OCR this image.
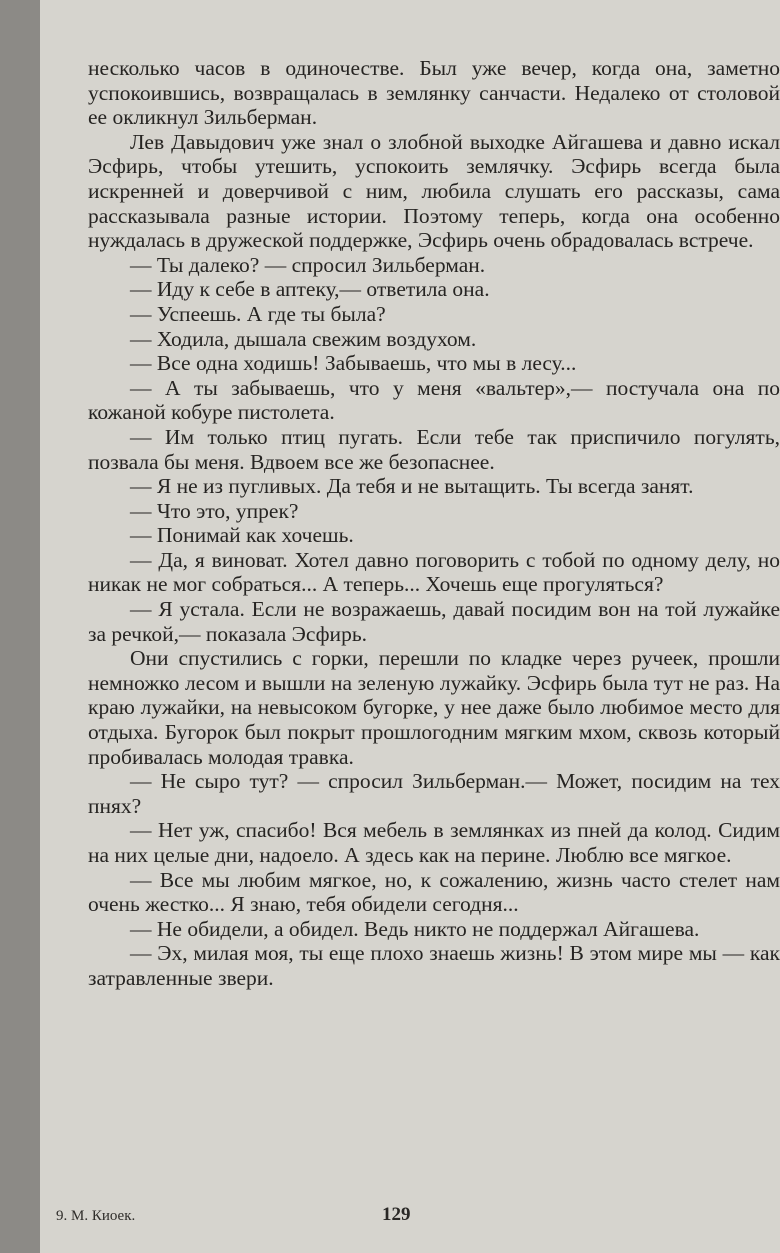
несколько часов в одиночестве. Был уже вечер, когда она, заметно успокоившись, возвращалась в землянку санчасти. Недалеко от столовой ее окликнул Зильберман.

Лев Давыдович уже знал о злобной выходке Айгашева и давно искал Эсфирь, чтобы утешить, успокоить землячку. Эсфирь всегда была искренней и доверчивой с ним, любила слушать его рассказы, сама рассказывала разные истории. Поэтому теперь, когда она особенно нуждалась в дружеской поддержке, Эсфирь очень обрадовалась встрече.

— Ты далеко? — спросил Зильберман.

— Иду к себе в аптеку,— ответила она.

— Успеешь. А где ты была?

— Ходила, дышала свежим воздухом.

— Все одна ходишь! Забываешь, что мы в лесу...

— А ты забываешь, что у меня «вальтер»,— постучала она по кожаной кобуре пистолета.

— Им только птиц пугать. Если тебе так приспичило погулять, позвала бы меня. Вдвоем все же безопаснее.

— Я не из пугливых. Да тебя и не вытащить. Ты всегда занят.

— Что это, упрек?

— Понимай как хочешь.

— Да, я виноват. Хотел давно поговорить с тобой по одному делу, но никак не мог собраться... А теперь... Хочешь еще прогуляться?

— Я устала. Если не возражаешь, давай посидим вон на той лужайке за речкой,— показала Эсфирь.

Они спустились с горки, перешли по кладке через ручеек, прошли немножко лесом и вышли на зеленую лужайку. Эсфирь была тут не раз. На краю лужайки, на невысоком бугорке, у нее даже было любимое место для отдыха. Бугорок был покрыт прошлогодним мягким мхом, сквозь который пробивалась молодая травка.

— Не сыро тут? — спросил Зильберман.— Может, посидим на тех пнях?

— Нет уж, спасибо! Вся мебель в землянках из пней да колод. Сидим на них целые дни, надоело. А здесь как на перине. Люблю все мягкое.

— Все мы любим мягкое, но, к сожалению, жизнь часто стелет нам очень жестко... Я знаю, тебя обидели сегодня...

— Не обидели, а обидел. Ведь никто не поддержал Айгашева.

— Эх, милая моя, ты еще плохо знаешь жизнь! В этом мире мы — как затравленные звери.

9. М. Киоек.	129
